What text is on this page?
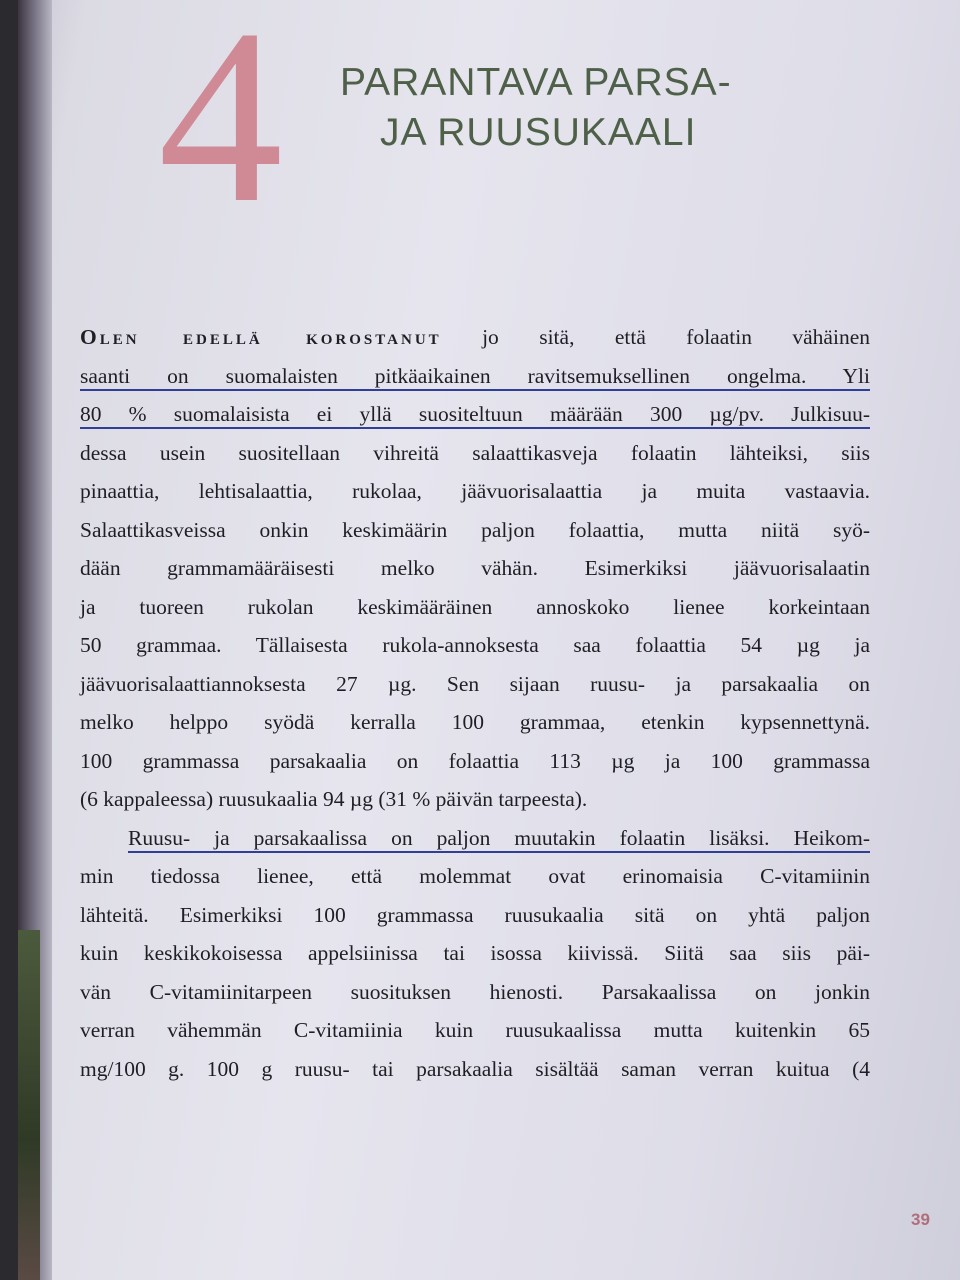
4 PARANTAVA PARSA-
JA RUUSUKAALI
Olen edellä korostanut jo sitä, että folaatin vähäinen
saanti on suomalaisten pitkäaikainen ravitsemuksellinen ongelma. Yli
80 % suomalaisista ei yllä suositeltuun määrään 300 µg/pv. Julkisuu-
dessa usein suositellaan vihreitä salaattikasveja folaatin lähteiksi, siis
pinaattia, lehtisalaattia, rukolaa, jäävuorisalaattia ja muita vastaavia.
Salaattikasveissa onkin keskimäärin paljon folaattia, mutta niitä syö-
dään grammamääräisesti melko vähän. Esimerkiksi jäävuorisalaatin
ja tuoreen rukolan keskimääräinen annoskoko lienee korkeintaan
50 grammaa. Tällaisesta rukola-annoksesta saa folaattia 54 µg ja
jäävuorisalaattiannoksesta 27 µg. Sen sijaan ruusu- ja parsakaalia on
melko helppo syödä kerralla 100 grammaa, etenkin kypsennettynä.
100 grammassa parsakaalia on folaattia 113 µg ja 100 grammassa
(6 kappaleessa) ruusukaalia 94 µg (31 % päivän tarpeesta).
Ruusu- ja parsakaalissa on paljon muutakin folaatin lisäksi. Heikom-
min tiedossa lienee, että molemmat ovat erinomaisia C-vitamiinin
lähteitä. Esimerkiksi 100 grammassa ruusukaalia sitä on yhtä paljon
kuin keskikokoisessa appelsiinissa tai isossa kiivissä. Siitä saa siis päi-
vän C-vitamiinitarpeen suosituksen hienosti. Parsakaalissa on jonkin
verran vähemmän C-vitamiinia kuin ruusukaalissa mutta kuitenkin 65
mg/100 g. 100 g ruusu- tai parsakaalia sisältää saman verran kuitua (4
39
